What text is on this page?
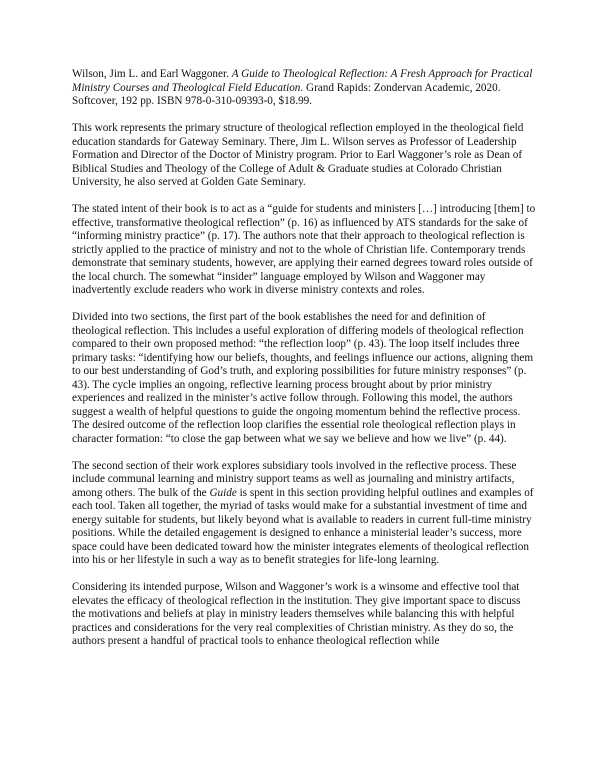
Wilson, Jim L. and Earl Waggoner. A Guide to Theological Reflection: A Fresh Approach for Practical Ministry Courses and Theological Field Education. Grand Rapids: Zondervan Academic, 2020. Softcover, 192 pp. ISBN 978-0-310-09393-0, $18.99.

This work represents the primary structure of theological reflection employed in the theological field education standards for Gateway Seminary. There, Jim L. Wilson serves as Professor of Leadership Formation and Director of the Doctor of Ministry program. Prior to Earl Waggoner’s role as Dean of Biblical Studies and Theology of the College of Adult & Graduate studies at Colorado Christian University, he also served at Golden Gate Seminary.

The stated intent of their book is to act as a “guide for students and ministers […] introducing [them] to effective, transformative theological reflection” (p. 16) as influenced by ATS standards for the sake of “informing ministry practice” (p. 17). The authors note that their approach to theological reflection is strictly applied to the practice of ministry and not to the whole of Christian life. Contemporary trends demonstrate that seminary students, however, are applying their earned degrees toward roles outside of the local church. The somewhat “insider” language employed by Wilson and Waggoner may inadvertently exclude readers who work in diverse ministry contexts and roles.

Divided into two sections, the first part of the book establishes the need for and definition of theological reflection. This includes a useful exploration of differing models of theological reflection compared to their own proposed method: “the reflection loop” (p. 43). The loop itself includes three primary tasks: “identifying how our beliefs, thoughts, and feelings influence our actions, aligning them to our best understanding of God’s truth, and exploring possibilities for future ministry responses” (p. 43). The cycle implies an ongoing, reflective learning process brought about by prior ministry experiences and realized in the minister’s active follow through. Following this model, the authors suggest a wealth of helpful questions to guide the ongoing momentum behind the reflective process. The desired outcome of the reflection loop clarifies the essential role theological reflection plays in character formation: “to close the gap between what we say we believe and how we live” (p. 44).

The second section of their work explores subsidiary tools involved in the reflective process. These include communal learning and ministry support teams as well as journaling and ministry artifacts, among others. The bulk of the Guide is spent in this section providing helpful outlines and examples of each tool. Taken all together, the myriad of tasks would make for a substantial investment of time and energy suitable for students, but likely beyond what is available to readers in current full-time ministry positions. While the detailed engagement is designed to enhance a ministerial leader’s success, more space could have been dedicated toward how the minister integrates elements of theological reflection into his or her lifestyle in such a way as to benefit strategies for life-long learning.

Considering its intended purpose, Wilson and Waggoner’s work is a winsome and effective tool that elevates the efficacy of theological reflection in the institution. They give important space to discuss the motivations and beliefs at play in ministry leaders themselves while balancing this with helpful practices and considerations for the very real complexities of Christian ministry. As they do so, the authors present a handful of practical tools to enhance theological reflection while
